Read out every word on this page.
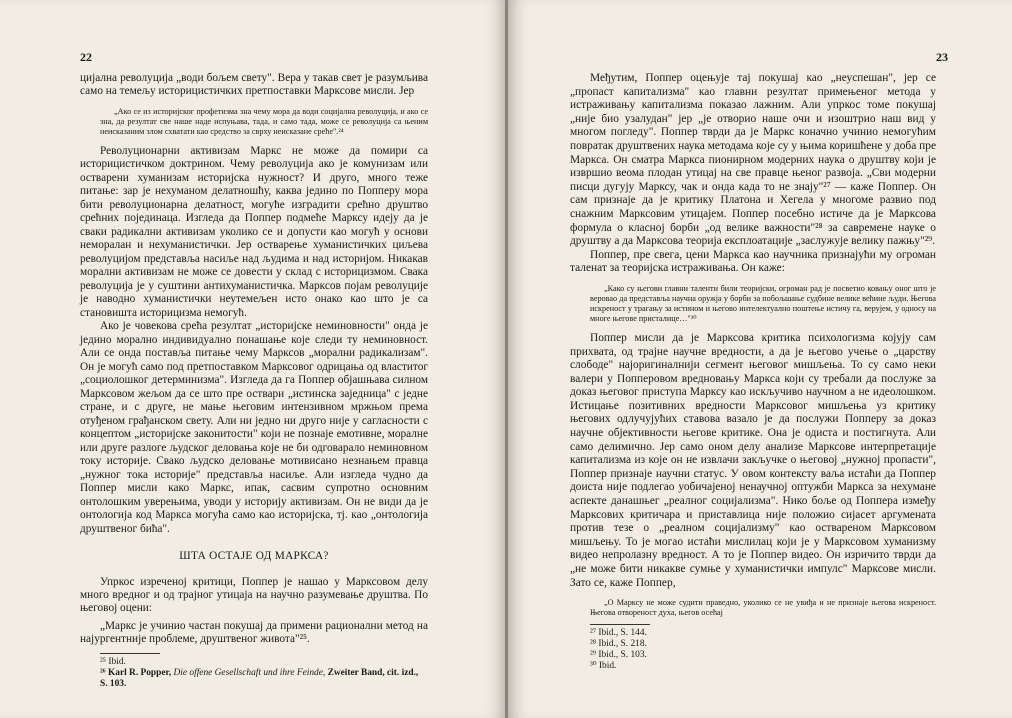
22

цијална револуција „води бољем свету". Вера у такав свет је разумљива само на темељу историцистичких претпоставки Марксове мисли. Јер

„Ако се из историјског профетизма зна чему мора да води социјална револуција, и ако се зна, да резултат све наше наде испуњава, тада, и само тада, може се револуција са њеним неисказаним злом схватати као средство за сврху неисказане среће".²⁴

Револуционарни активизам Маркс не може да помири са историцистичком доктрином. Чему револуција ако је комунизам или остварени хуманизам историјска нужност? И друго, много теже питање: зар је нехуманом делатношћу, каква једино по Попперу мора бити револуционарна делатност, могуће изградити срећно друштво срећних појединаца. Изгледа да Поппер подмеће Марксу идеју да је сваки радикални активизам уколико се и допусти као могућ у основи неморалан и нехуманистички. Јер остварење хуманистичких циљева револуцијом представља насиље над људима и над историјом. Никакав морални активизам не може се довести у склад с историцизмом. Свака револуција је у суштини антихуманистичка. Марксов појам револуције је наводно хуманистички неутемељен исто онако као што је са становишта историцизма немогућ.

Ако је човекова срећа резултат „историјске неминовности" онда је једино морално индивидуално понашање које следи ту неминовност. Али се онда поставља питање чему Марксов „морални радикализам". Он је могућ само под претпоставком Марксовог одрицања од властитог „социолошког детерминизма". Изгледа да га Поппер објашњава силном Марксовом жељом да се што пре оствари „истинска заједница" с једне стране, и с друге, не мање његовим интензивном мржњом према отуђеном грађанском свету. Али ни једно ни друго није у сагласности с концептом „историјске законитости" који не познаје емотивне, моралне или друге разлоге људског деловања које не би одговарало неминовном току историје. Свако људско деловање мотивисано незнањем правца „нужног тока историје" представља насиље. Али изгледа чудно да Поппер мисли како Маркс, ипак, сасвим супротно основним онтолошким уверењима, уводи у историју активизам. Он не види да је онтологија код Маркса могућа само као историјска, тј. као „онтологија друштвеног бића".

ШТА ОСТАЈЕ ОД МАРКСА?

Упркос изреченој критици, Поппер је нашао у Марксовом делу много вредног и од трајног утицаја на научно разумевање друштва. По његовој оцени:

„Маркс је учинио частан покушај да примени рационални метод на најургентније проблеме, друштвеног живота"²⁵.

²⁵ Ibid.

²⁶ Karl R. Popper, Die offene Gesellschaft und ihre Feinde, Zweiter Band, cit. izd., S. 103.

23

Међутим, Поппер оцењује тај покушај као „неуспешан", јер се „пропаст капитализма" као главни резултат примењеног метода у истраживању капитализма показао лажним. Али упркос томе покушај „није био узалудан" јер „је отворио наше очи и изоштрио наш вид у многом погледу". Поппер тврди да је Маркс коначно учинио немогућим повратак друштвених наука методама које су у њима коришћене у доба пре Маркса. Он сматра Маркса пионирном модерних наука о друштву који је извршио веома плодан утицај на све правце њеног развоја. „Сви модерни писци дугују Марксу, чак и онда када то не знају"²⁷ — каже Поппер. Он сам признаје да је критику Платона и Хегела у многоме развио под снажним Марксовим утицајем. Поппер посебно истиче да је Марксова формула о класној борби „од велике важности"²⁸ за савремене науке о друштву а да Марксова теорија експлоатације „заслужује велику пажњу"²⁹.

Поппер, пре свега, цени Маркса као научника признајући му огроман таленат за теоријска истраживања. Он каже:

„Како су његови главни таленти били теоријски, огроман рад је посветио ковању оног што је веровао да представља научна оружја у борби за побољшање судбине велике већине људи. Његова искреност у трагању за истином и његово интелектуално поштење истичу га, верујем, у односу на многе његове присталице…"³⁰

Поппер мисли да је Марксова критика психологизма којују сам прихвата, од трајне научне вредности, а да је његово учење о „царству слободе" најоригиналнији сегмент његовог мишљења. То су само неки валери у Попперовом вредновању Маркса који су требали да послуже за доказ његовог приступа Марксу као искључиво научном а не идеолошком. Истицање позитивних вредности Марксовог мишљења уз критику његових одлучујућих ставова вазало је да послужи Попперу за доказ научне објективности његове критике. Она је одиста и постигнута. Али само делимично. Јер само оном делу анализе Марксове интерпретације капитализма из које он не извлачи закључке о његовој „нужној пропасти", Поппер признаје научни статус. У овом контексту ваља истаћи да Поппер доиста није подлегао уобичајеној ненаучној оптужби Маркса за нехумане аспекте данашњег „реалног социјализма". Нико боље од Поппера између Марксових критичара и приставлица није положио сијасет аргумената против тезе о „реалном социјализму" као оствареном Марксовом мишљењу. То је могао истаћи мислилац који је у Марксовом хуманизму видео непролазну вредност. А то је Поппер видео. Он изричито тврди да „не може бити никакве сумње у хуманистички импулс" Марксове мисли. Зато се, каже Поппер,

„О Марксу не може судити праведно, уколико се не увиђа и не признаје његова искреност. Његова отвореност духа, његов осећај

²⁷ Ibid., S. 144.

²⁸ Ibid., S. 218.

²⁹ Ibid., S. 103.

³⁰ Ibid.
